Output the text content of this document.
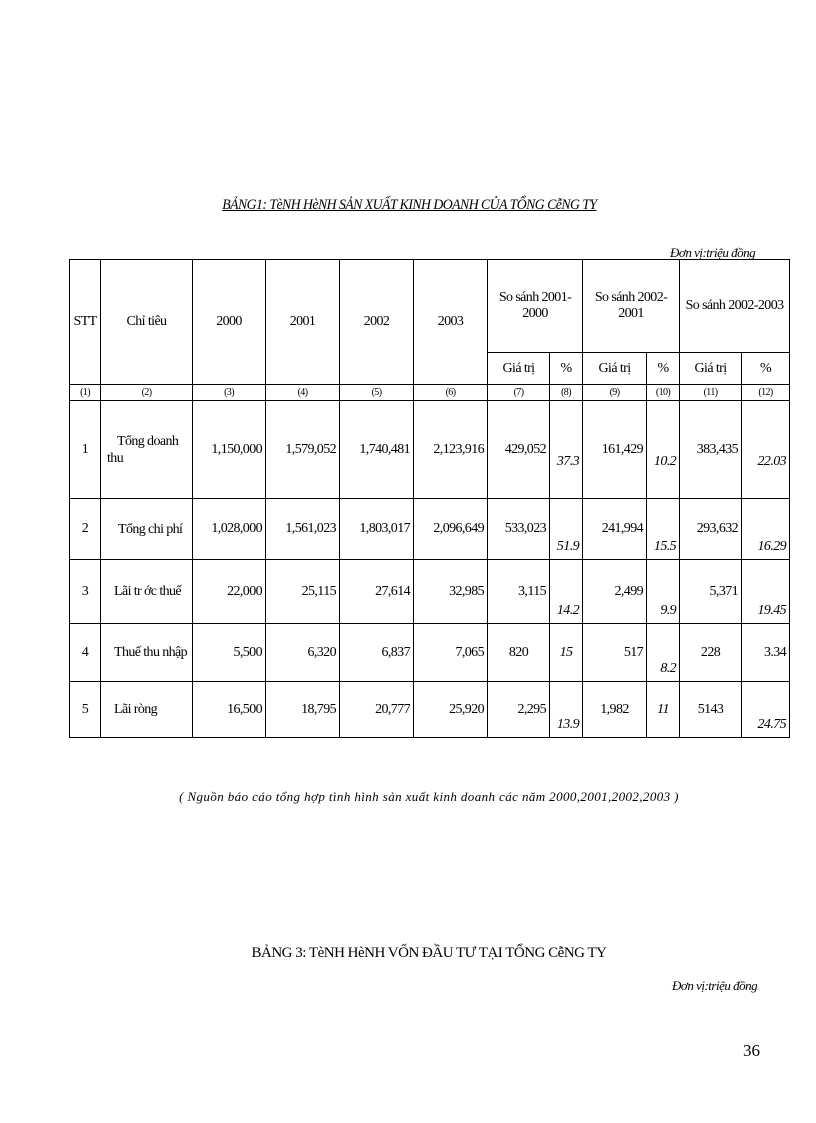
BẢNG1: TèNH HèNH SẢN XUẤT KINH DOANH CỦA TỔNG CễNG TY
Đơn vị:triệu đồng
STT	Chỉ tiêu	2000	2001	2002	2003	So sánh 2001-2000		So sánh 2002-2001		So sánh 2002-2003	
						Giá trị	%	Giá trị	%	Giá trị	%
(1)	(2)	(3)	(4)	(5)	(6)	(7)	(8)	(9)	(10)	(11)	(12)
1	Tổng doanh thu	1,150,000	1,579,052	1,740,481	2,123,916	429,052	37.3	161,429	10.2	383,435	22.03
2	Tổng chi phí	1,028,000	1,561,023	1,803,017	2,096,649	533,023	51.9	241,994	15.5	293,632	16.29
3	Lãi tr ớc thuế	22,000	25,115	27,614	32,985	3,115	14.2	2,499	9.9	5,371	19.45
4	Thuế thu nhập	5,500	6,320	6,837	7,065	820	15	517	8.2	228	3.34
5	Lãi ròng	16,500	18,795	20,777	25,920	2,295	13.9	1,982	11	5143	24.75
( Nguồn báo cáo tổng hợp tình hình sản xuất kinh doanh các năm 2000,2001,2002,2003 )
BẢNG 3: TèNH HèNH VỐN ĐẦU TƯ TẠI TỔNG CễNG TY
Đơn vị:triệu đồng
36
